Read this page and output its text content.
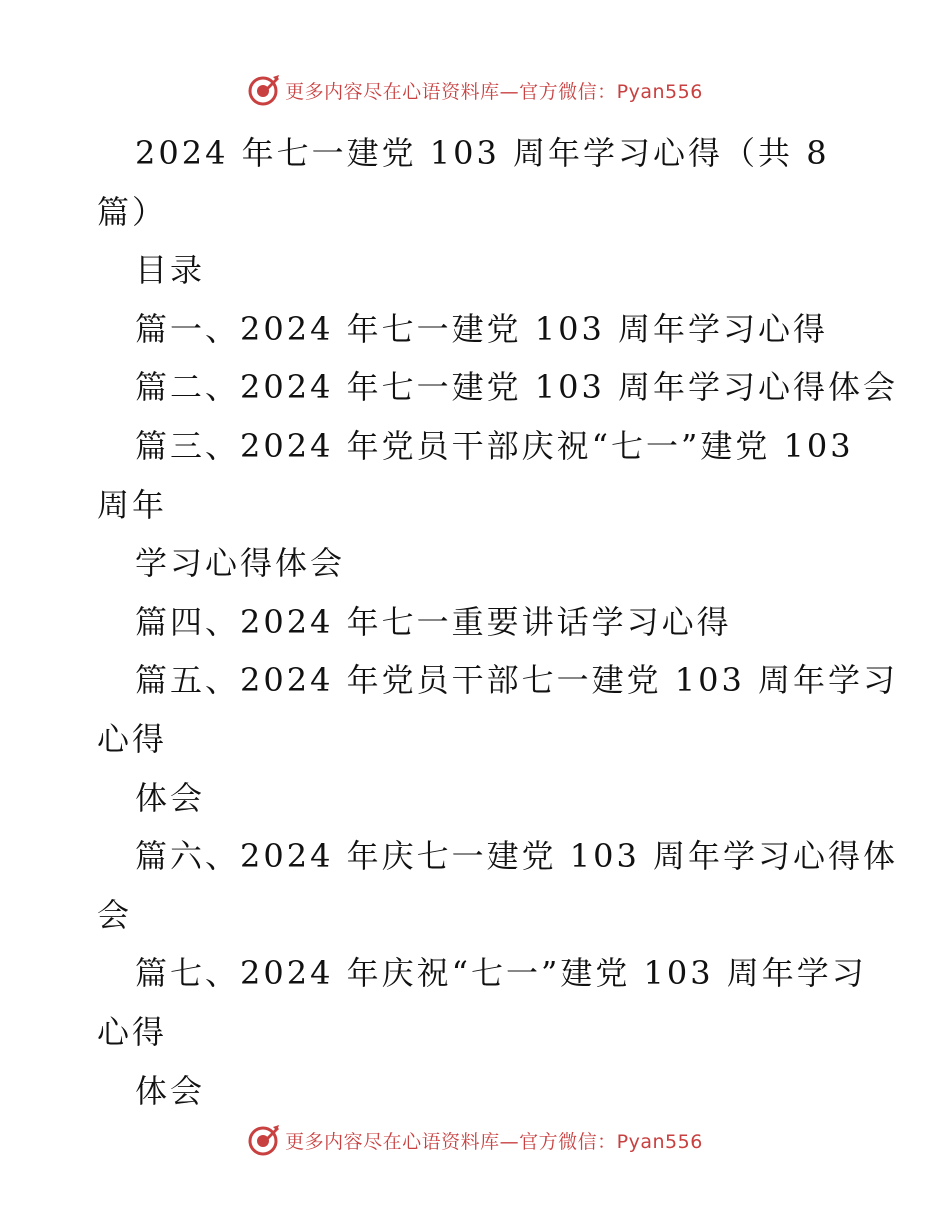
更多内容尽在心语资料库—官方微信：Pyan556
2024 年七一建党 103 周年学习心得（共 8
篇）
目录
篇一、2024 年七一建党 103 周年学习心得
篇二、2024 年七一建党 103 周年学习心得体会
篇三、2024 年党员干部庆祝“七一”建党 103
周年
学习心得体会
篇四、2024 年七一重要讲话学习心得
篇五、2024 年党员干部七一建党 103 周年学习
心得
体会
篇六、2024 年庆七一建党 103 周年学习心得体
会
篇七、2024 年庆祝“七一”建党 103 周年学习
心得
体会
更多内容尽在心语资料库—官方微信：Pyan556
